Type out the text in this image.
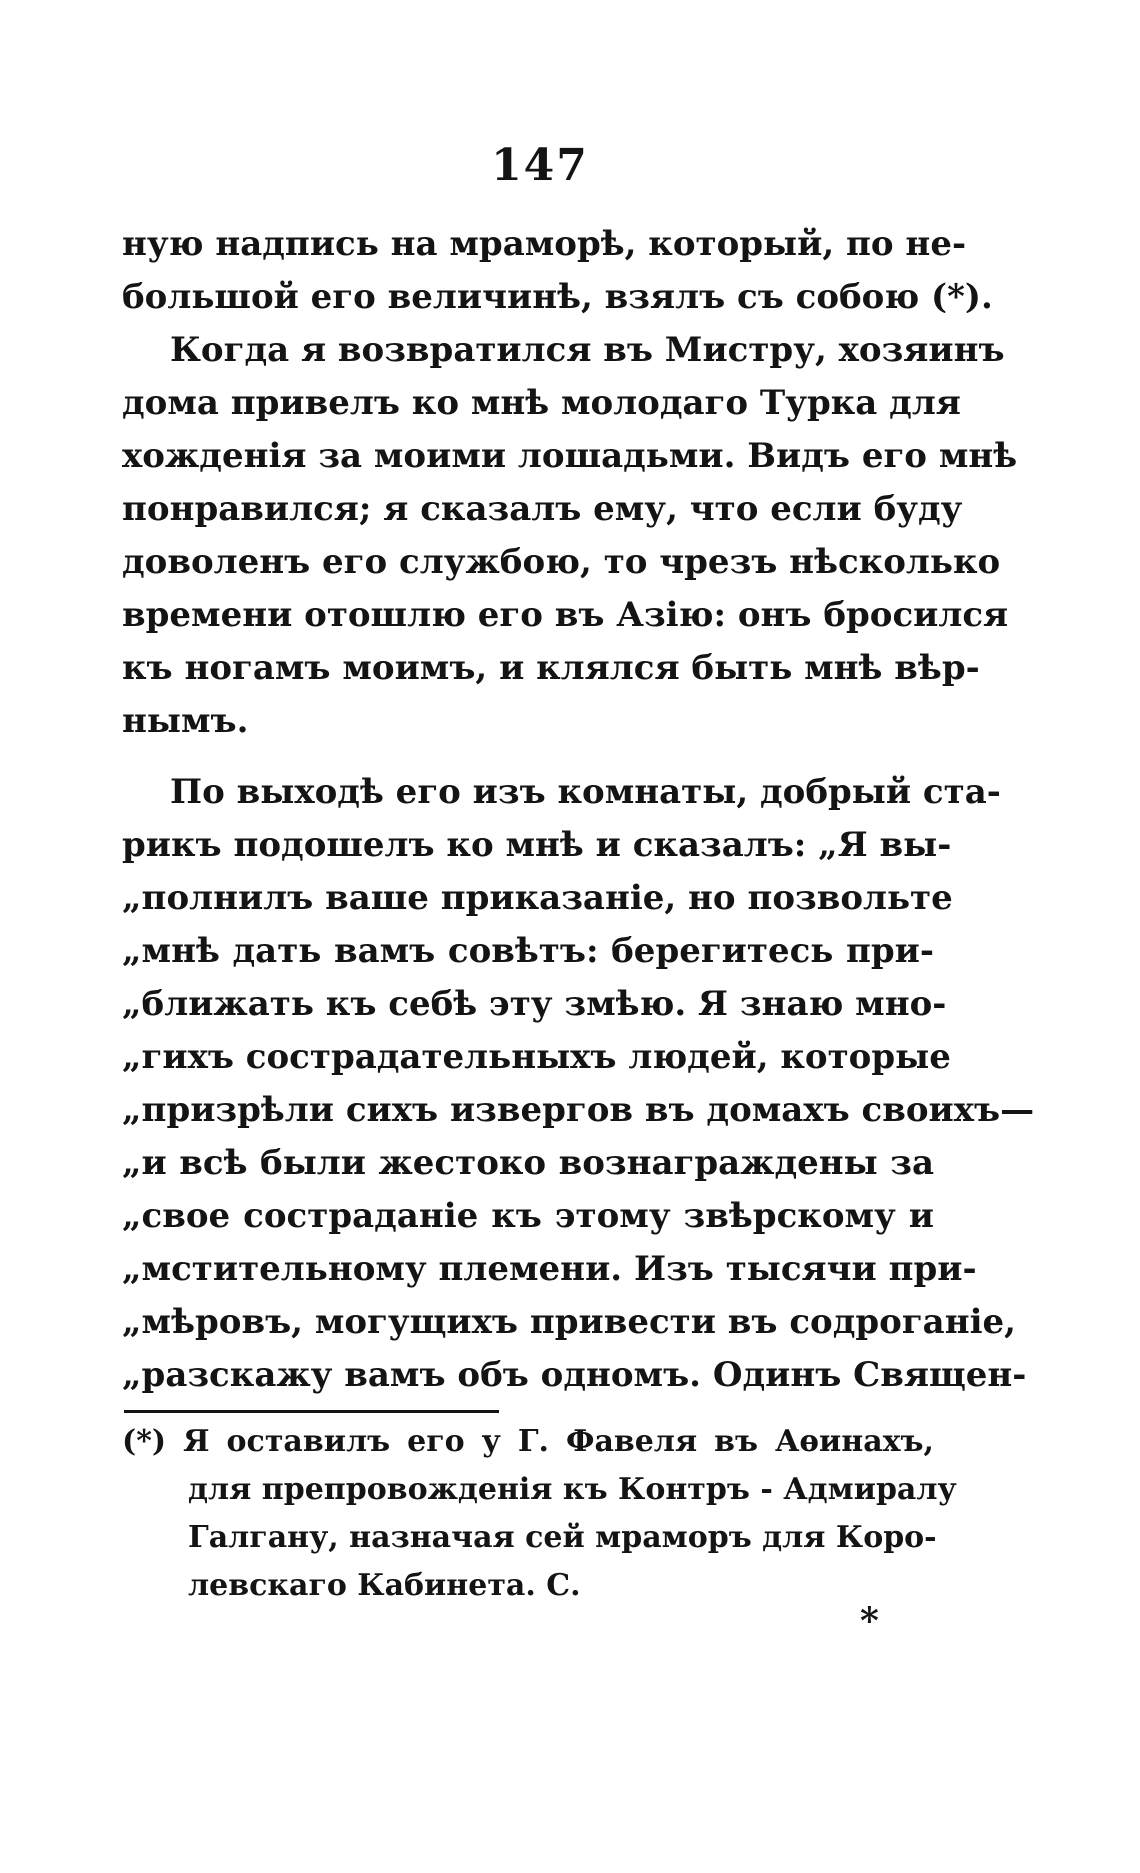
147
ную надпись на мраморѣ, который, по не-
большой его величинѣ, взялъ съ собою (*).
Когда я возвратился въ Мистру, хозяинъ
дома привелъ ко мнѣ молодаго Турка для
хожденія за моими лошадьми. Видъ его мнѣ
понравился; я сказалъ ему, что если буду
доволенъ его службою, то чрезъ нѣсколько
времени отошлю его въ Азію: онъ бросился
къ ногамъ моимъ, и клялся быть мнѣ вѣр-
нымъ.
По выходѣ его изъ комнаты, добрый ста-
рикъ подошелъ ко мнѣ и сказалъ: „Я вы-
„полнилъ ваше приказаніе, но позвольте
„мнѣ дать вамъ совѣтъ: берегитесь при-
„ближать къ себѣ эту змѣю. Я знаю мно-
„гихъ сострадательныхъ людей, которые
„призрѣли сихъ извергов въ домахъ своихъ—
„и всѣ были жестоко вознаграждены за
„свое состраданіе къ этому звѣрскому и
„мстительному племени. Изъ тысячи при-
„мѣровъ, могущихъ привести въ содроганіе,
„разскажу вамъ объ одномъ. Одинъ Священ-
(*) Я оставилъ его у Г. Фавеля въ Аѳинахъ,
для препровожденія къ Контръ - Адмиралу
Галгану, назначая сей мраморъ для Коро-
левскаго Кабинета. С.
*
